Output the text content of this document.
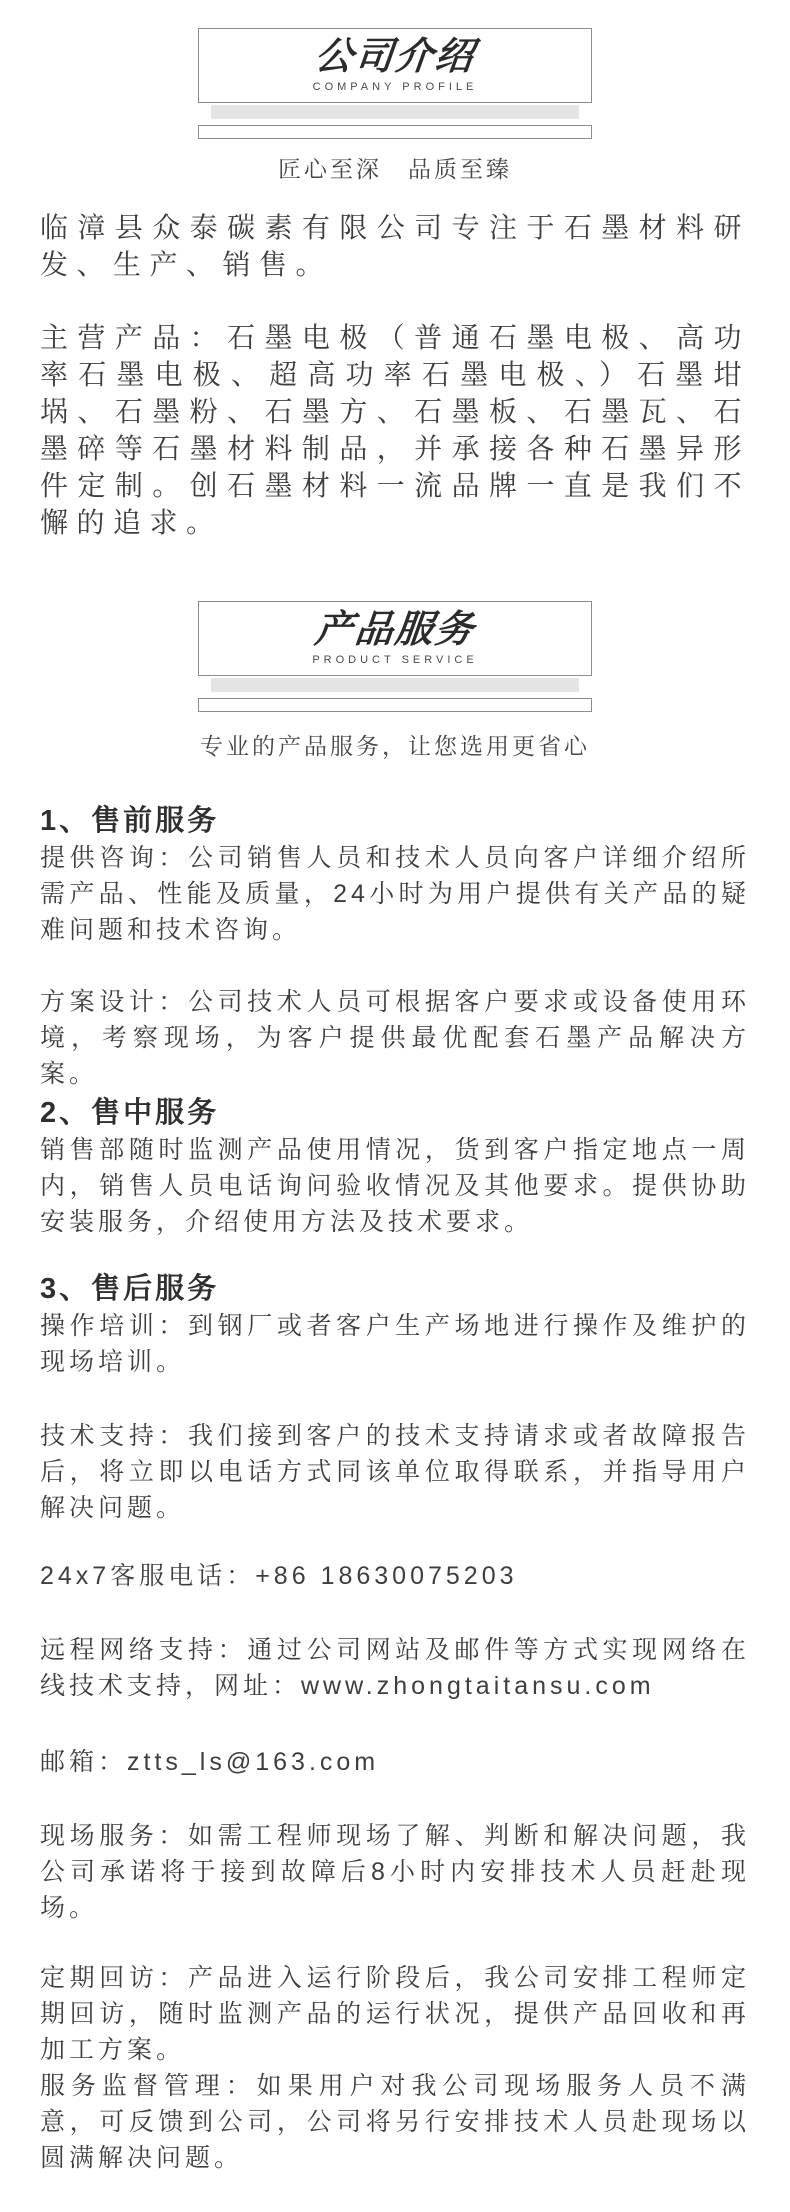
公司介绍
COMPANY PROFILE

匠心至深　品质至臻

临漳县众泰碳素有限公司专注于石墨材料研发、生产、销售。

主营产品：石墨电极（普通石墨电极、高功率石墨电极、超高功率石墨电极、）石墨坩埚、石墨粉、石墨方、石墨板、石墨瓦、石墨碎等石墨材料制品，并承接各种石墨异形件定制。创石墨材料一流品牌一直是我们不懈的追求。

产品服务
PRODUCT SERVICE

专业的产品服务，让您选用更省心

1、售前服务

提供咨询：公司销售人员和技术人员向客户详细介绍所需产品、性能及质量，24小时为用户提供有关产品的疑难问题和技术咨询。

方案设计：公司技术人员可根据客户要求或设备使用环境，考察现场，为客户提供最优配套石墨产品解决方案。

2、售中服务

销售部随时监测产品使用情况，货到客户指定地点一周内，销售人员电话询问验收情况及其他要求。提供协助安装服务，介绍使用方法及技术要求。

3、售后服务

操作培训：到钢厂或者客户生产场地进行操作及维护的现场培训。

技术支持：我们接到客户的技术支持请求或者故障报告后，将立即以电话方式同该单位取得联系，并指导用户解决问题。

24x7客服电话：+86 18630075203

远程网络支持：通过公司网站及邮件等方式实现网络在线技术支持，网址：www.zhongtaitansu.com

邮箱：ztts_ls@163.com

现场服务：如需工程师现场了解、判断和解决问题，我公司承诺将于接到故障后8小时内安排技术人员赶赴现场。

定期回访：产品进入运行阶段后，我公司安排工程师定期回访，随时监测产品的运行状况，提供产品回收和再加工方案。

服务监督管理：如果用户对我公司现场服务人员不满意，可反馈到公司，公司将另行安排技术人员赴现场以圆满解决问题。
